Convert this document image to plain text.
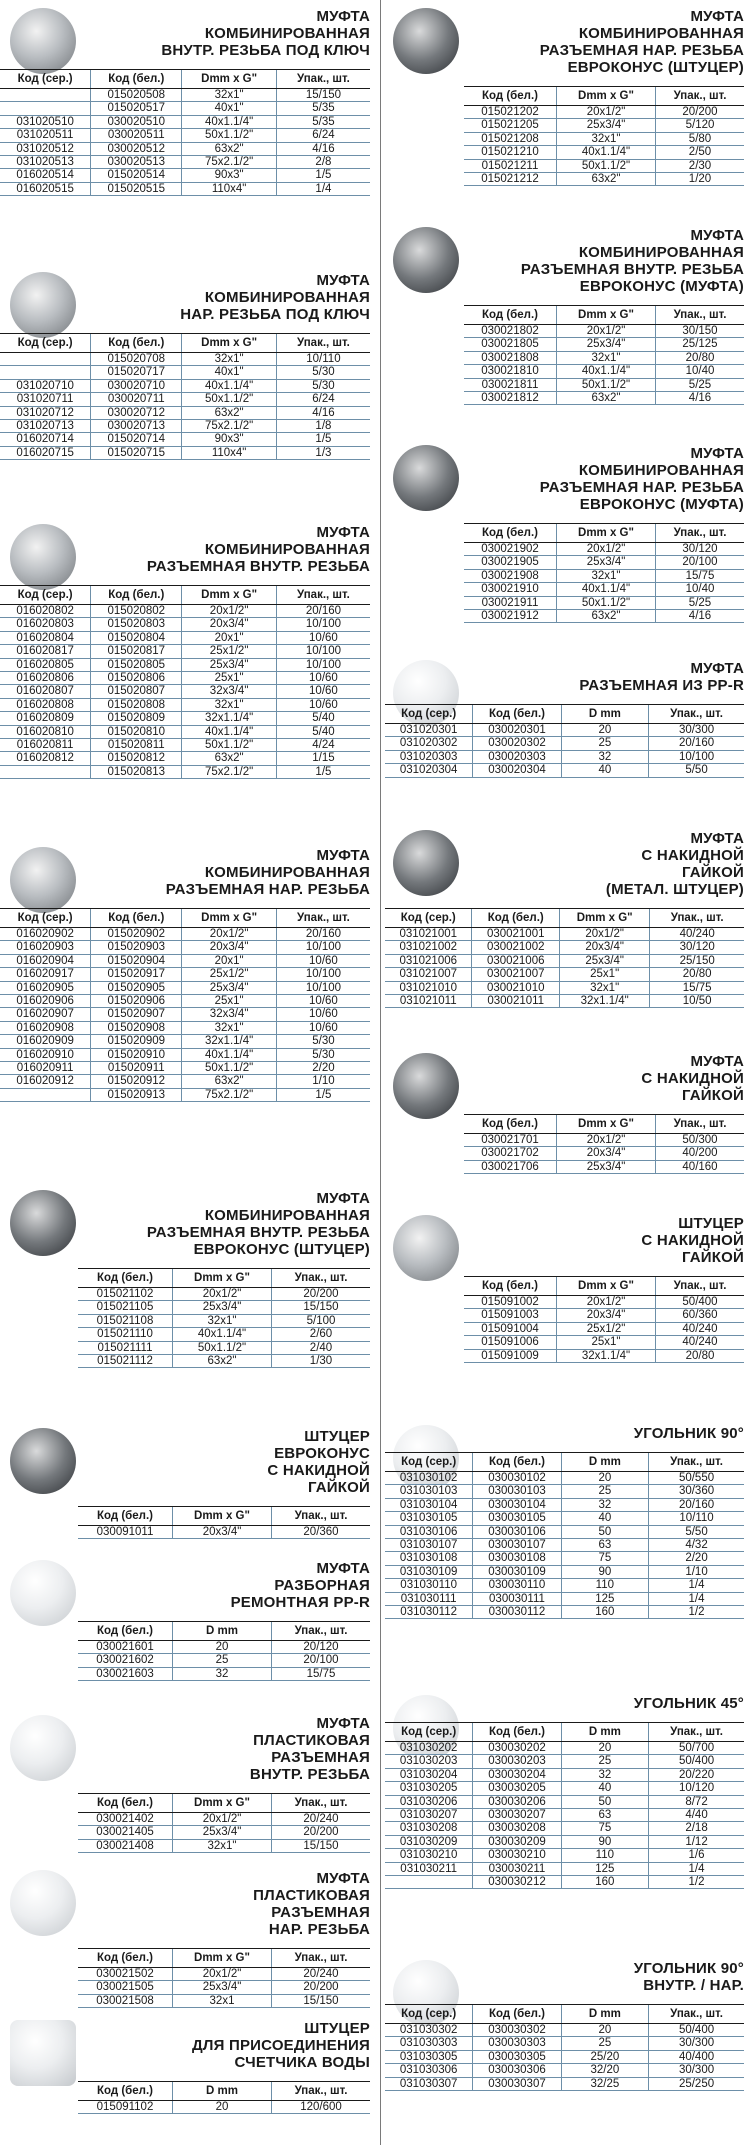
МУФТА
КОМБИНИРОВАННАЯ
ВНУТР. РЕЗЬБА ПОД КЛЮЧ
Код (сер.)	Код (бел.)	Dmm x G"	Упак., шт.
	015020508	32x1"	15/150
	015020517	40x1"	5/35
031020510	030020510	40x1.1/4"	5/35
031020511	030020511	50x1.1/2"	6/24
031020512	030020512	63x2"	4/16
031020513	030020513	75x2.1/2"	2/8
016020514	015020514	90x3"	1/5
016020515	015020515	110x4"	1/4
МУФТА
КОМБИНИРОВАННАЯ
НАР. РЕЗЬБА ПОД КЛЮЧ
Код (сер.)	Код (бел.)	Dmm x G"	Упак., шт.
	015020708	32x1"	10/110
	015020717	40x1"	5/30
031020710	030020710	40x1.1/4"	5/30
031020711	030020711	50x1.1/2"	6/24
031020712	030020712	63x2"	4/16
031020713	030020713	75x2.1/2"	1/8
016020714	015020714	90x3"	1/5
016020715	015020715	110x4"	1/3
МУФТА
КОМБИНИРОВАННАЯ
РАЗЪЕМНАЯ ВНУТР. РЕЗЬБА
Код (сер.)	Код (бел.)	Dmm x G"	Упак., шт.
016020802	015020802	20x1/2"	20/160
016020803	015020803	20x3/4"	10/100
016020804	015020804	20x1"	10/60
016020817	015020817	25x1/2"	10/100
016020805	015020805	25x3/4"	10/100
016020806	015020806	25x1"	10/60
016020807	015020807	32x3/4"	10/60
016020808	015020808	32x1"	10/60
016020809	015020809	32x1.1/4"	5/40
016020810	015020810	40x1.1/4"	5/40
016020811	015020811	50x1.1/2"	4/24
016020812	015020812	63x2"	1/15
	015020813	75x2.1/2"	1/5
МУФТА
КОМБИНИРОВАННАЯ
РАЗЪЕМНАЯ НАР. РЕЗЬБА
Код (сер.)	Код (бел.)	Dmm x G"	Упак., шт.
016020902	015020902	20x1/2"	20/160
016020903	015020903	20x3/4"	10/100
016020904	015020904	20x1"	10/60
016020917	015020917	25x1/2"	10/100
016020905	015020905	25x3/4"	10/100
016020906	015020906	25x1"	10/60
016020907	015020907	32x3/4"	10/60
016020908	015020908	32x1"	10/60
016020909	015020909	32x1.1/4"	5/30
016020910	015020910	40x1.1/4"	5/30
016020911	015020911	50x1.1/2"	2/20
016020912	015020912	63x2"	1/10
	015020913	75x2.1/2"	1/5
МУФТА
КОМБИНИРОВАННАЯ
РАЗЪЕМНАЯ ВНУТР. РЕЗЬБА
ЕВРОКОНУС (ШТУЦЕР)
Код (бел.)	Dmm x G"	Упак., шт.
015021102	20x1/2"	20/200
015021105	25x3/4"	15/150
015021108	32x1"	5/100
015021110	40x1.1/4"	2/60
015021111	50x1.1/2"	2/40
015021112	63x2"	1/30
ШТУЦЕР
ЕВРОКОНУС
С НАКИДНОЙ
ГАЙКОЙ
Код (бел.)	Dmm x G"	Упак., шт.
030091011	20x3/4"	20/360
МУФТА
РАЗБОРНАЯ
РЕМОНТНАЯ PP-R
Код (бел.)	D mm	Упак., шт.
030021601	20	20/120
030021602	25	20/100
030021603	32	15/75
МУФТА
ПЛАСТИКОВАЯ
РАЗЪЕМНАЯ
ВНУТР. РЕЗЬБА
Код (бел.)	Dmm x G"	Упак., шт.
030021402	20x1/2"	20/240
030021405	25x3/4"	20/200
030021408	32x1"	15/150
МУФТА
ПЛАСТИКОВАЯ
РАЗЪЕМНАЯ
НАР. РЕЗЬБА
Код (бел.)	Dmm x G"	Упак., шт.
030021502	20x1/2"	20/240
030021505	25x3/4"	20/200
030021508	32x1	15/150
ШТУЦЕР
ДЛЯ ПРИСОЕДИНЕНИЯ
СЧЕТЧИКА ВОДЫ
Код (бел.)	D mm	Упак., шт.
015091102	20	120/600
МУФТА
КОМБИНИРОВАННАЯ
РАЗЪЕМНАЯ НАР. РЕЗЬБА
ЕВРОКОНУС (ШТУЦЕР)
Код (бел.)	Dmm x G"	Упак., шт.
015021202	20x1/2"	20/200
015021205	25x3/4"	5/120
015021208	32x1"	5/80
015021210	40x1.1/4"	2/50
015021211	50x1.1/2"	2/30
015021212	63x2"	1/20
МУФТА
КОМБИНИРОВАННАЯ
РАЗЪЕМНАЯ ВНУТР. РЕЗЬБА
ЕВРОКОНУС (МУФТА)
Код (бел.)	Dmm x G"	Упак., шт.
030021802	20x1/2"	30/150
030021805	25x3/4"	25/125
030021808	32x1"	20/80
030021810	40x1.1/4"	10/40
030021811	50x1.1/2"	5/25
030021812	63x2"	4/16
МУФТА
КОМБИНИРОВАННАЯ
РАЗЪЕМНАЯ НАР. РЕЗЬБА
ЕВРОКОНУС (МУФТА)
Код (бел.)	Dmm x G"	Упак., шт.
030021902	20x1/2"	30/120
030021905	25x3/4"	20/100
030021908	32x1"	15/75
030021910	40x1.1/4"	10/40
030021911	50x1.1/2"	5/25
030021912	63x2"	4/16
МУФТА
РАЗЪЕМНАЯ ИЗ PP-R
Код (сер.)	Код (бел.)	D mm	Упак., шт.
031020301	030020301	20	30/300
031020302	030020302	25	20/160
031020303	030020303	32	10/100
031020304	030020304	40	5/50
МУФТА
С НАКИДНОЙ
ГАЙКОЙ
(МЕТАЛ. ШТУЦЕР)
Код (сер.)	Код (бел.)	Dmm x G"	Упак., шт.
031021001	030021001	20x1/2"	40/240
031021002	030021002	20x3/4"	30/120
031021006	030021006	25x3/4"	25/150
031021007	030021007	25x1"	20/80
031021010	030021010	32x1"	15/75
031021011	030021011	32x1.1/4"	10/50
МУФТА
С НАКИДНОЙ
ГАЙКОЙ
Код (бел.)	Dmm x G"	Упак., шт.
030021701	20x1/2"	50/300
030021702	20x3/4"	40/200
030021706	25x3/4"	40/160
ШТУЦЕР
С НАКИДНОЙ
ГАЙКОЙ
Код (бел.)	Dmm x G"	Упак., шт.
015091002	20x1/2"	50/400
015091003	20x3/4"	60/360
015091004	25x1/2"	40/240
015091006	25x1"	40/240
015091009	32x1.1/4"	20/80
УГОЛЬНИК 90°
Код (сер.)	Код (бел.)	D mm	Упак., шт.
031030102	030030102	20	50/550
031030103	030030103	25	30/360
031030104	030030104	32	20/160
031030105	030030105	40	10/110
031030106	030030106	50	5/50
031030107	030030107	63	4/32
031030108	030030108	75	2/20
031030109	030030109	90	1/10
031030110	030030110	110	1/4
031030111	030030111	125	1/4
031030112	030030112	160	1/2
УГОЛЬНИК 45°
Код (сер.)	Код (бел.)	D mm	Упак., шт.
031030202	030030202	20	50/700
031030203	030030203	25	50/400
031030204	030030204	32	20/220
031030205	030030205	40	10/120
031030206	030030206	50	8/72
031030207	030030207	63	4/40
031030208	030030208	75	2/18
031030209	030030209	90	1/12
031030210	030030210	110	1/6
031030211	030030211	125	1/4
	030030212	160	1/2
УГОЛЬНИК 90°
ВНУТР. / НАР.
Код (сер.)	Код (бел.)	D mm	Упак., шт.
031030302	030030302	20	50/400
031030303	030030303	25	30/300
031030305	030030305	25/20	40/400
031030306	030030306	32/20	30/300
031030307	030030307	32/25	25/250
